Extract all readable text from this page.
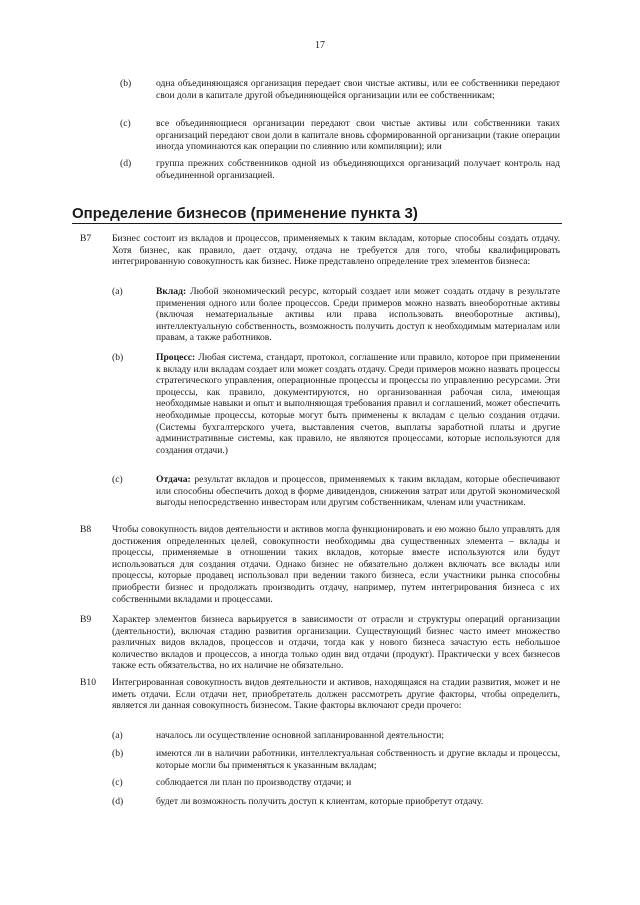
17
(b)	одна объединяющаяся организация передает свои чистые активы, или ее собственники передают свои доли в капитале другой объединяющейся организации или ее собственникам;
(c)	все объединяющиеся организации передают свои чистые активы или собственники таких организаций передают свои доли в капитале вновь сформированной организации (такие операции иногда упоминаются как операции по слиянию или компиляции); или
(d)	группа прежних собственников одной из объединяющихся организаций получает контроль над объединенной организацией.
Определение бизнесов (применение пункта 3)
B7 Бизнес состоит из вкладов и процессов, применяемых к таким вкладам, которые способны создать отдачу. Хотя бизнес, как правило, дает отдачу, отдача не требуется для того, чтобы квалифицировать интегрированную совокупность как бизнес. Ниже представлено определение трех элементов бизнеса:
(a)	Вклад: Любой экономический ресурс, который создает или может создать отдачу в результате применения одного или более процессов. Среди примеров можно назвать внеоборотные активы (включая нематериальные активы или права использовать внеоборотные активы), интеллектуальную собственность, возможность получить доступ к необходимым материалам или правам, а также работников.
(b)	Процесс: Любая система, стандарт, протокол, соглашение или правило, которое при применении к вкладу или вкладам создает или может создать отдачу. Среди примеров можно назвать процессы стратегического управления, операционные процессы и процессы по управлению ресурсами. Эти процессы, как правило, документируются, но организованная рабочая сила, имеющая необходимые навыки и опыт и выполняющая требования правил и соглашений, может обеспечить необходимые процессы, которые могут быть применены к вкладам с целью создания отдачи. (Системы бухгалтерского учета, выставления счетов, выплаты заработной платы и другие административные системы, как правило, не являются процессами, которые используются для создания отдачи.)
(c)	Отдача: результат вкладов и процессов, применяемых к таким вкладам, которые обеспечивают или способны обеспечить доход в форме дивидендов, снижения затрат или другой экономической выгоды непосредственно инвесторам или другим собственникам, членам или участникам.
B8 Чтобы совокупность видов деятельности и активов могла функционировать и ею можно было управлять для достижения определенных целей, совокупности необходимы два существенных элемента – вклады и процессы, применяемые в отношении таких вкладов, которые вместе используются или будут использоваться для создания отдачи. Однако бизнес не обязательно должен включать все вклады или процессы, которые продавец использовал при ведении такого бизнеса, если участники рынка способны приобрести бизнес и продолжать производить отдачу, например, путем интегрирования бизнеса с их собственными вкладами и процессами.
B9 Характер элементов бизнеса варьируется в зависимости от отрасли и структуры операций организации (деятельности), включая стадию развития организации. Существующий бизнес часто имеет множество различных видов вкладов, процессов и отдачи, тогда как у нового бизнеса зачастую есть небольшое количество вкладов и процессов, а иногда только один вид отдачи (продукт). Практически у всех бизнесов также есть обязательства, но их наличие не обязательно.
B10 Интегрированная совокупность видов деятельности и активов, находящаяся на стадии развития, может и не иметь отдачи. Если отдачи нет, приобретатель должен рассмотреть другие факторы, чтобы определить, является ли данная совокупность бизнесом. Такие факторы включают среди прочего:
(a)	началось ли осуществление основной запланированной деятельности;
(b)	имеются ли в наличии работники, интеллектуальная собственность и другие вклады и процессы, которые могли бы применяться к указанным вкладам;
(c)	соблюдается ли план по производству отдачи; и
(d)	будет ли возможность получить доступ к клиентам, которые приобретут отдачу.
